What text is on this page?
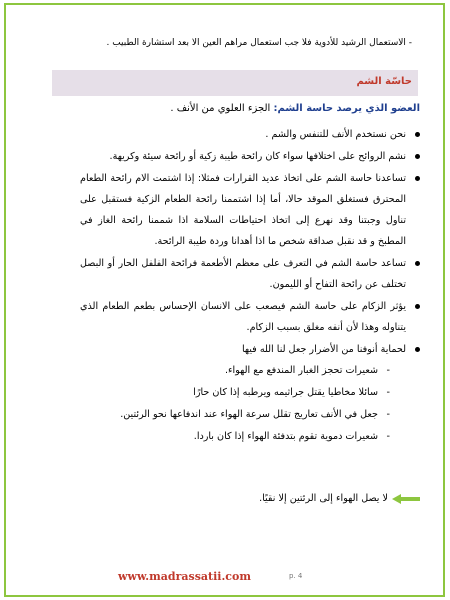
- الاستعمال الرشيد للأدوية فلا جب استعمال مراهم العين الا بعد استشارة الطبيب .

حاسّة الشم
العضو الذي يرصد حاسة الشم: الجزء العلوي من الأنف .
نحن نستخدم الأنف للتنفس والشم .
نشم الروائح على اختلافها سواء كان رائحة طيبة زكية أو رائحة سيئة وكريهة.
تساعدنا حاسة الشم على اتخاذ عديد القرارات فمثلا: إذا اشتمت الام رائحة الطعام المحترق فستغلق الموقد حالا، أما إذا اشتممنا رائحة الطعام الزكية فستقبل على تناول وجبتنا وقد نهرع إلى اتخاذ احتياطات السلامة اذا شممنا رائحة الغاز في المطبخ و قد نقبل صداقة شخص ما اذا أهدانا وردة طيبة الرائحة.
تساعد حاسة الشم في التعرف على معظم الأطعمة فرائحة الفلفل الحار أو البصل تختلف عن رائحة التفاح أو الليمون.
يؤثر الزكام على حاسة الشم فيصعب على الانسان الإحساس بطعم الطعام الذي يتناوله وهذا لأن أنفه مغلق بسبب الزكام.
لحماية أنوفنا من الأضرار جعل لنا الله فيها
-
شعيرات تحجز الغبار المندفع مع الهواء.
-
سائلا مخاطيا يقتل جراثيمه ويرطبه إذا كان حارًا
-
جعل في الأنف تعاريج تقلل سرعة الهواء عند اندفاعها نحو الرئتين.
-
شعيرات دموية تقوم بتدفئة الهواء إذا كان باردا.
لا يصل الهواء إلى الرئتين إلا نقيًا.
www.madrassatii.com	p. 4
